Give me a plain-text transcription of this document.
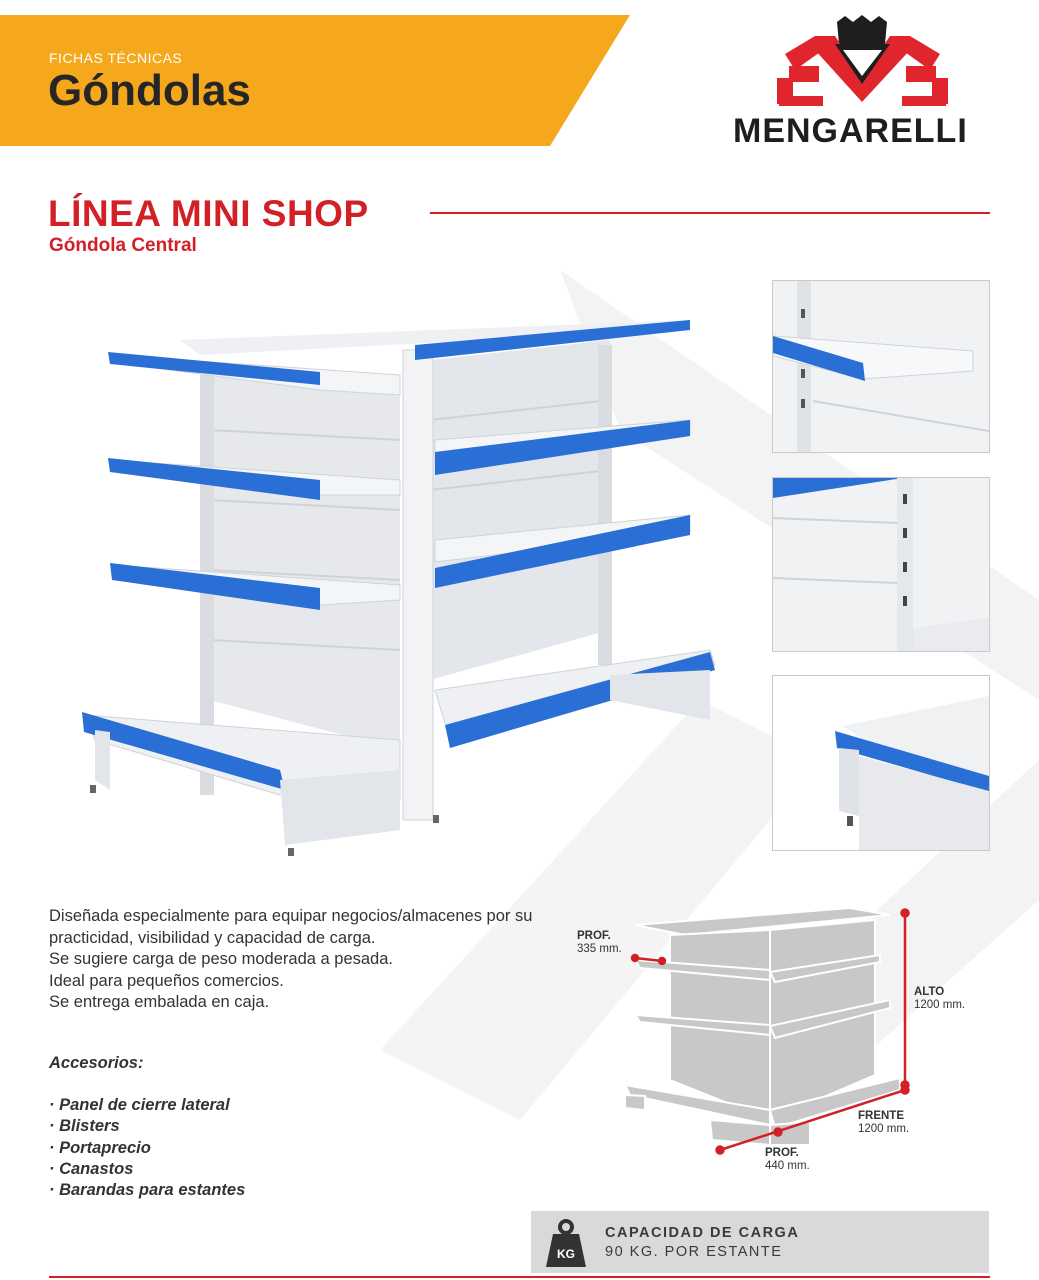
FICHAS TÉCNICAS
Góndolas
MENGARELLI
LÍNEA MINI SHOP
Góndola Central

Diseñada especialmente para equipar negocios/almacenes por su practicidad, visibilidad y capacidad de carga.

Se sugiere carga de peso moderada a pesada.

Ideal para pequeños comercios.

Se entrega embalada en caja.

Accesorios:
· Panel de cierre lateral
· Blisters
· Portaprecio
· Canastos
· Barandas para estantes
PROF.
335 mm.
ALTO
1200 mm.
FRENTE
1200 mm.
PROF.
440 mm.
KG
CAPACIDAD DE CARGA
90 KG. POR ESTANTE
